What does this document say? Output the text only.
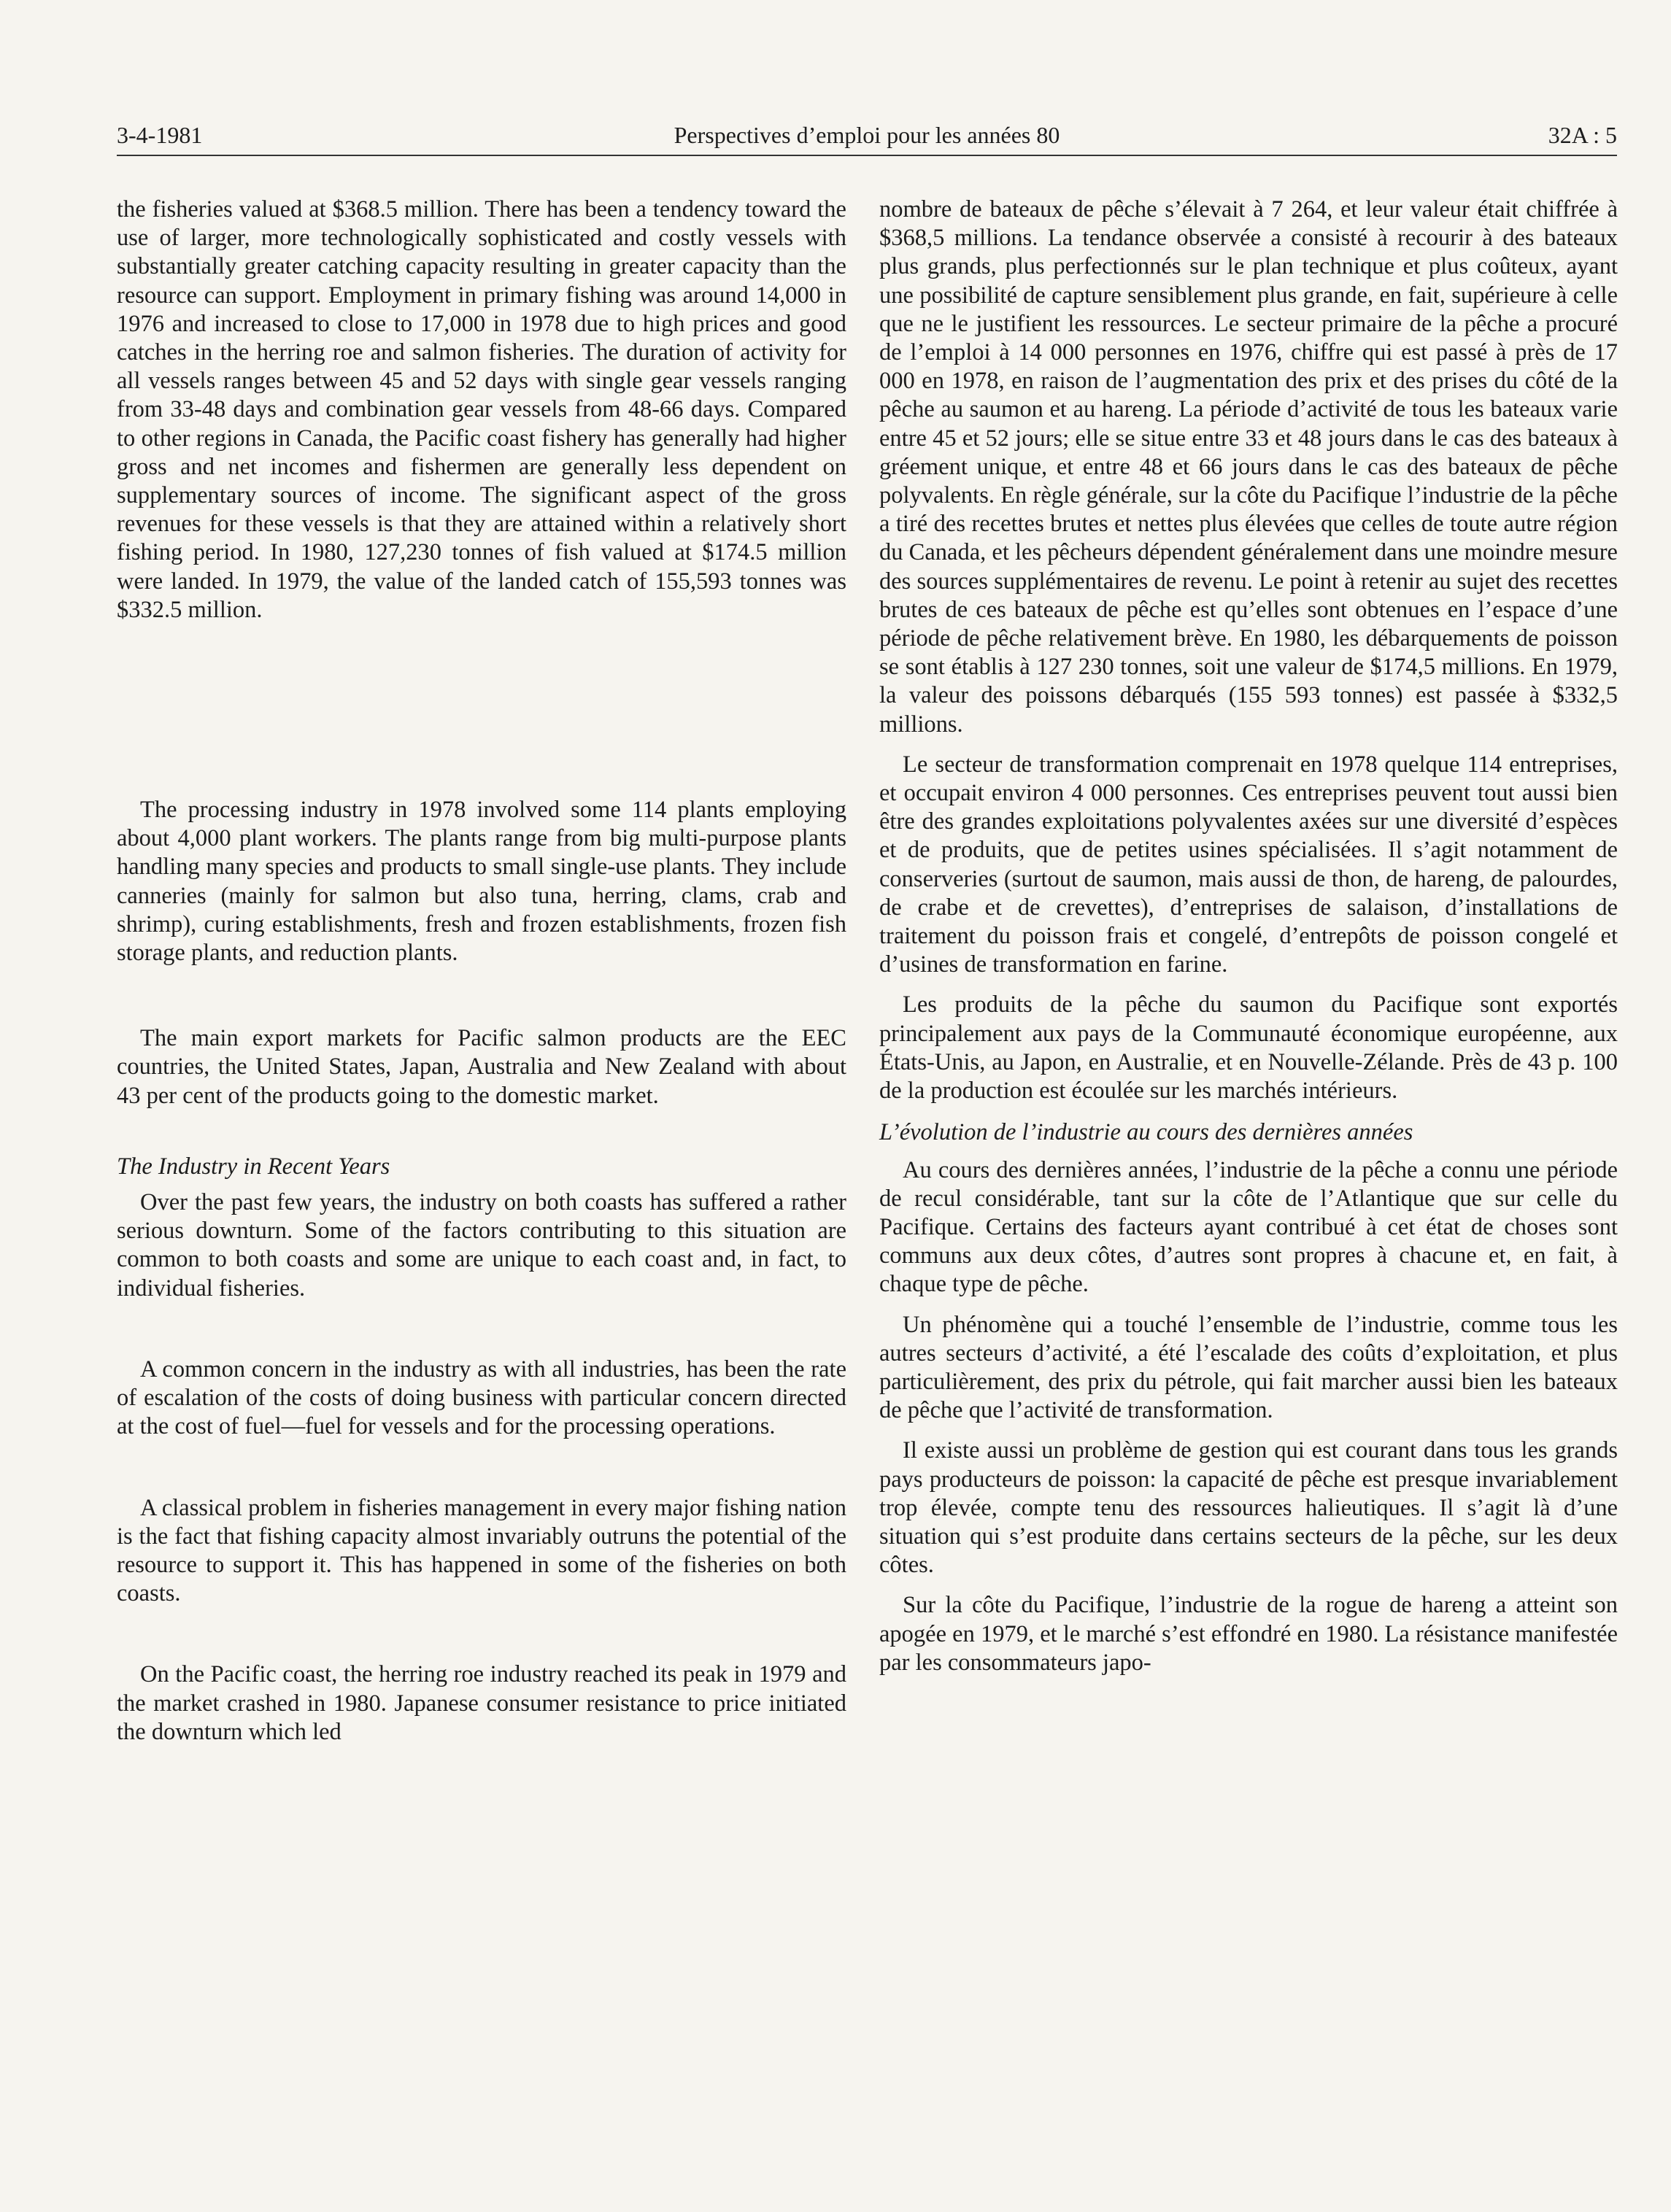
3-4-1981	Perspectives d’emploi pour les années 80	32A : 5

the fisheries valued at $368.5 million. There has been a tendency toward the use of larger, more technologically sophisticated and costly vessels with substantially greater catching capacity resulting in greater capacity than the resource can support. Employment in primary fishing was around 14,000 in 1976 and increased to close to 17,000 in 1978 due to high prices and good catches in the herring roe and salmon fisheries. The duration of activity for all vessels ranges between 45 and 52 days with single gear vessels ranging from 33-48 days and combination gear vessels from 48-66 days. Compared to other regions in Canada, the Pacific coast fishery has generally had higher gross and net incomes and fishermen are generally less dependent on supplementary sources of income. The significant aspect of the gross revenues for these vessels is that they are attained within a relatively short fishing period. In 1980, 127,230 tonnes of fish valued at $174.5 million were landed. In 1979, the value of the landed catch of 155,593 tonnes was $332.5 million.

The processing industry in 1978 involved some 114 plants employing about 4,000 plant workers. The plants range from big multi-purpose plants handling many species and products to small single-use plants. They include canneries (mainly for salmon but also tuna, herring, clams, crab and shrimp), curing establishments, fresh and frozen establishments, frozen fish storage plants, and reduction plants.

The main export markets for Pacific salmon products are the EEC countries, the United States, Japan, Australia and New Zealand with about 43 per cent of the products going to the domestic market.

The Industry in Recent Years

Over the past few years, the industry on both coasts has suffered a rather serious downturn. Some of the factors contributing to this situation are common to both coasts and some are unique to each coast and, in fact, to individual fisheries.

A common concern in the industry as with all industries, has been the rate of escalation of the costs of doing business with particular concern directed at the cost of fuel—fuel for vessels and for the processing operations.

A classical problem in fisheries management in every major fishing nation is the fact that fishing capacity almost invariably outruns the potential of the resource to support it. This has happened in some of the fisheries on both coasts.

On the Pacific coast, the herring roe industry reached its peak in 1979 and the market crashed in 1980. Japanese consumer resistance to price initiated the downturn which led

nombre de bateaux de pêche s’élevait à 7 264, et leur valeur était chiffrée à $368,5 millions. La tendance observée a consisté à recourir à des bateaux plus grands, plus perfectionnés sur le plan technique et plus coûteux, ayant une possibilité de capture sensiblement plus grande, en fait, supérieure à celle que ne le justifient les ressources. Le secteur primaire de la pêche a procuré de l’emploi à 14 000 personnes en 1976, chiffre qui est passé à près de 17 000 en 1978, en raison de l’augmentation des prix et des prises du côté de la pêche au saumon et au hareng. La période d’activité de tous les bateaux varie entre 45 et 52 jours; elle se situe entre 33 et 48 jours dans le cas des bateaux à gréement unique, et entre 48 et 66 jours dans le cas des bateaux de pêche polyvalents. En règle générale, sur la côte du Pacifique l’industrie de la pêche a tiré des recettes brutes et nettes plus élevées que celles de toute autre région du Canada, et les pêcheurs dépendent généralement dans une moindre mesure des sources supplémentaires de revenu. Le point à retenir au sujet des recettes brutes de ces bateaux de pêche est qu’elles sont obtenues en l’espace d’une période de pêche relativement brève. En 1980, les débarquements de poisson se sont établis à 127 230 tonnes, soit une valeur de $174,5 millions. En 1979, la valeur des poissons débarqués (155 593 tonnes) est passée à $332,5 millions.

Le secteur de transformation comprenait en 1978 quelque 114 entreprises, et occupait environ 4 000 personnes. Ces entreprises peuvent tout aussi bien être des grandes exploitations polyvalentes axées sur une diversité d’espèces et de produits, que de petites usines spécialisées. Il s’agit notamment de conserveries (surtout de saumon, mais aussi de thon, de hareng, de palourdes, de crabe et de crevettes), d’entreprises de salaison, d’installations de traitement du poisson frais et congelé, d’entrepôts de poisson congelé et d’usines de transformation en farine.

Les produits de la pêche du saumon du Pacifique sont exportés principalement aux pays de la Communauté économique européenne, aux États-Unis, au Japon, en Australie, et en Nouvelle-Zélande. Près de 43 p. 100 de la production est écoulée sur les marchés intérieurs.

L’évolution de l’industrie au cours des dernières années

Au cours des dernières années, l’industrie de la pêche a connu une période de recul considérable, tant sur la côte de l’Atlantique que sur celle du Pacifique. Certains des facteurs ayant contribué à cet état de choses sont communs aux deux côtes, d’autres sont propres à chacune et, en fait, à chaque type de pêche.

Un phénomène qui a touché l’ensemble de l’industrie, comme tous les autres secteurs d’activité, a été l’escalade des coûts d’exploitation, et plus particulièrement, des prix du pétrole, qui fait marcher aussi bien les bateaux de pêche que l’activité de transformation.

Il existe aussi un problème de gestion qui est courant dans tous les grands pays producteurs de poisson: la capacité de pêche est presque invariablement trop élevée, compte tenu des ressources halieutiques. Il s’agit là d’une situation qui s’est produite dans certains secteurs de la pêche, sur les deux côtes.

Sur la côte du Pacifique, l’industrie de la rogue de hareng a atteint son apogée en 1979, et le marché s’est effondré en 1980. La résistance manifestée par les consommateurs japo-
